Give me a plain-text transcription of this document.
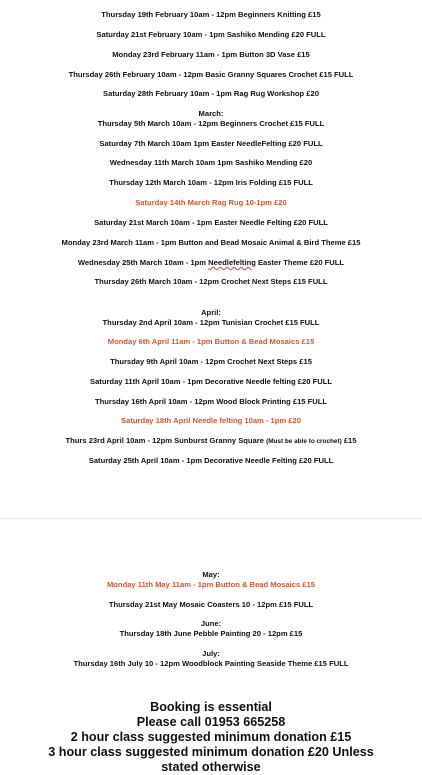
Thursday 19th February 10am - 12pm Beginners Knitting £15
Saturday 21st February 10am - 1pm Sashiko Mending £20 FULL
Monday 23rd February 11am - 1pm Button 3D Vase £15
Thursday 26th February 10am - 12pm Basic Granny Squares Crochet £15 FULL
Saturday 28th February 10am - 1pm Rag Rug Workshop £20
March:
Thursday 5th March 10am - 12pm Beginners Crochet £15 FULL
Saturday 7th March 10am 1pm Easter NeedleFelting £20 FULL
Wednesday 11th March 10am 1pm Sashiko Mending £20
Thursday 12th March 10am - 12pm Iris Folding £15 FULL
Saturday 14th March Rag Rug 10-1pm £20
Saturday 21st March 10am - 1pm Easter Needle Felting £20 FULL
Monday 23rd March 11am - 1pm Button and Bead Mosaic Animal & Bird Theme £15
Wednesday 25th March 10am - 1pm Needlefelting Easter Theme £20 FULL
Thursday 26th March 10am - 12pm Crochet Next Steps £15 FULL
April:
Thursday 2nd April 10am - 12pm Tunisian Crochet £15 FULL
Monday 6th April 11am - 1pm Button & Bead Mosaics £15
Thursday 9th April 10am - 12pm Crochet Next Steps £15
Saturday 11th April 10am - 1pm Decorative Needle felting £20 FULL
Thursday 16th April 10am - 12pm Wood Block Printing £15 FULL
Saturday 18th April Needle felting 10am - 1pm £20
Thurs 23rd April 10am - 12pm Sunburst Granny Square (Must be able to crochet) £15
Saturday 25th April 10am - 1pm Decorative Needle Felting £20 FULL
May:
Monday 11th May 11am - 1pm Button & Bead Mosaics £15
Thursday 21st May Mosaic Coasters 10 - 12pm £15 FULL
June:
Thursday 18th June Pebble Painting 20 - 12pm £15
July:
Thursday 16th July 10 - 12pm Woodblock Painting Seaside Theme £15 FULL
Booking is essential
Please call 01953 665258
2 hour class suggested minimum donation £15
3 hour class suggested minimum donation £20 Unless
stated otherwise
